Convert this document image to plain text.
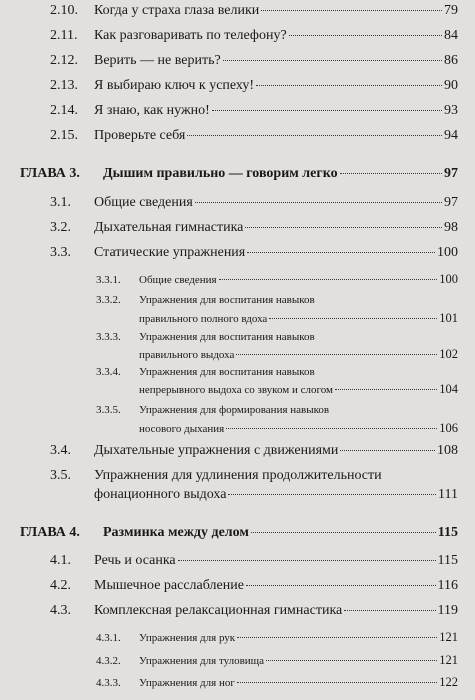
2.10.	Когда у страха глаза велики	79
2.11.	Как разговаривать по телефону?	84
2.12.	Верить — не верить?	86
2.13.	Я выбираю ключ к успеху!	90
2.14.	Я знаю, как нужно!	93
2.15.	Проверьте себя	94
ГЛАВА 3.	Дышим правильно — говорим легко	97
3.1.	Общие сведения	97
3.2.	Дыхательная гимнастика	98
3.3.	Статические упражнения	100
3.3.1.	Общие сведения	100
3.3.2.	Упражнения для воспитания навыков
правильного полного вдоха	101
3.3.3.	Упражнения для воспитания навыков
правильного выдоха	102
3.3.4.	Упражнения для воспитания навыков
непрерывного выдоха со звуком и слогом	104
3.3.5.	Упражнения для формирования навыков
носового дыхания	106
3.4.	Дыхательные упражнения с движениями	108
3.5.	Упражнения для удлинения продолжительности
фонационного выдоха	111
ГЛАВА 4.	Разминка между делом	115
4.1.	Речь и осанка	115
4.2.	Мышечное расслабление	116
4.3.	Комплексная релаксационная гимнастика	119
4.3.1.	Упражнения для рук	121
4.3.2.	Упражнения для туловища	121
4.3.3.	Упражнения для ног	122
